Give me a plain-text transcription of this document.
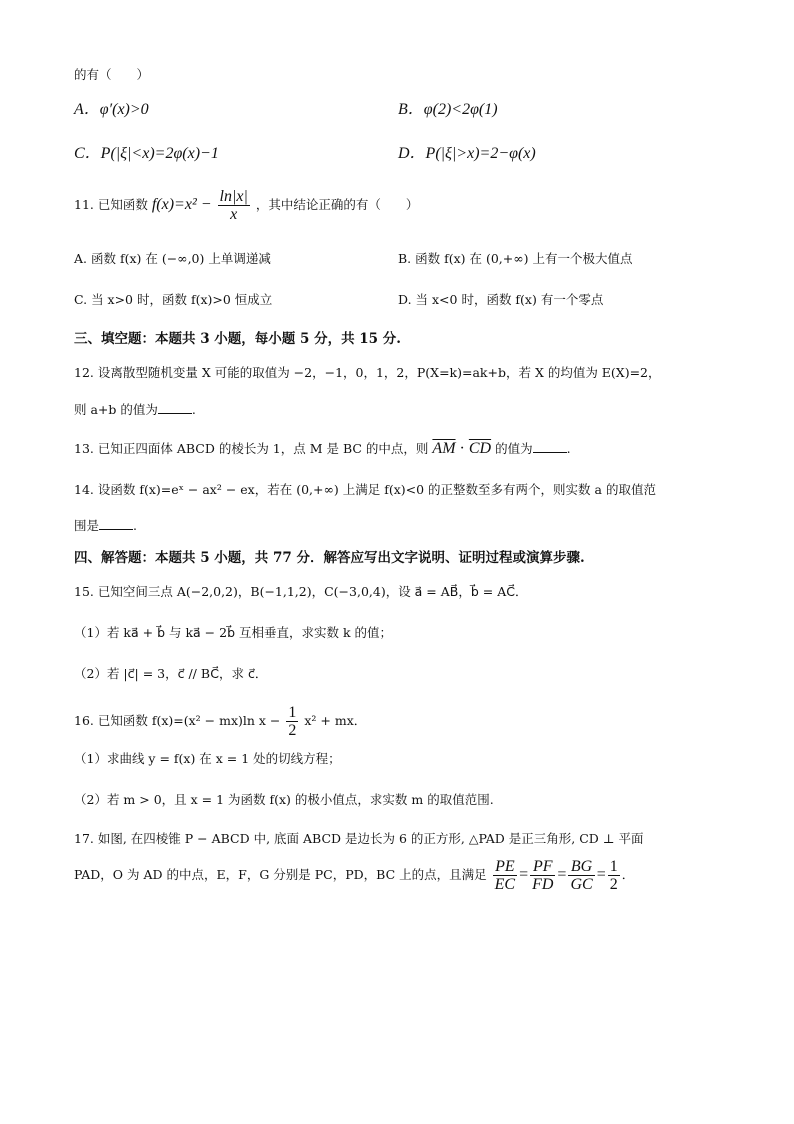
的有（　　）
A．φ′(x)>0	B．φ(2)<2φ(1)
C．P(|ξ|<x)=2φ(x)−1	D．P(|ξ|>x)=2−φ(x)
11. 已知函数 $f(x)=x^2 - \frac{\ln|x|}{x}$ ，其中结论正确的有（　　）
A. 函数 f(x) 在 (−∞,0) 上单调递减	B. 函数 f(x) 在 (0,+∞) 上有一个极大值点
C. 当 x>0 时，函数 f(x)>0 恒成立	D. 当 x<0 时，函数 f(x) 有一个零点
三、填空题：本题共 3 小题，每小题 5 分，共 15 分.
12. 设离散型随机变量 X 可能的取值为 −2，−1，0，1，2，P(X=k)=ak+b，若 X 的均值为 E(X)=2，
则 a+b 的值为	.
13. 已知正四面体 ABCD 的棱长为 1，点 M 是 BC 的中点，则 $\overline{AM} \cdot \overline{CD}$ 的值为	.
14. 设函数 f(x)=eˣ − ax² − ex，若在 (0,+∞) 上满足 f(x)<0 的正整数至多有两个，则实数 a 的取值范
围是	.
四、解答题：本题共 5 小题，共 77 分．解答应写出文字说明、证明过程或演算步骤.
15. 已知空间三点 A(−2,0,2)，B(−1,1,2)，C(−3,0,4)，设 a⃗ = AB⃗，b⃗ = AC⃗．
（1）若 ka⃗ + b⃗ 与 ka⃗ − 2b⃗ 互相垂直，求实数 k 的值；
（2）若 |c⃗| = 3，c⃗ // BC⃗，求 c⃗．
16. 已知函数 f(x)=(x² − mx)ln $x - \frac{1}{2} x^2$ + mx．
（1）求曲线 y = f(x) 在 x = 1 处的切线方程；
（2）若 m > 0，且 x = 1 为函数 f(x) 的极小值点，求实数 m 的取值范围.
17. 如图, 在四棱锥 P − ABCD 中, 底面 ABCD 是边长为 6 的正方形, △PAD 是正三角形, CD ⊥ 平面
PAD，O 为 AD 的中点，E，F，G 分别是 PC，PD，BC 上的点，且满足 $\frac{PE}{EC} = \frac{PF}{FD} = \frac{BG}{GC} = \frac{1}{2}$ ．
